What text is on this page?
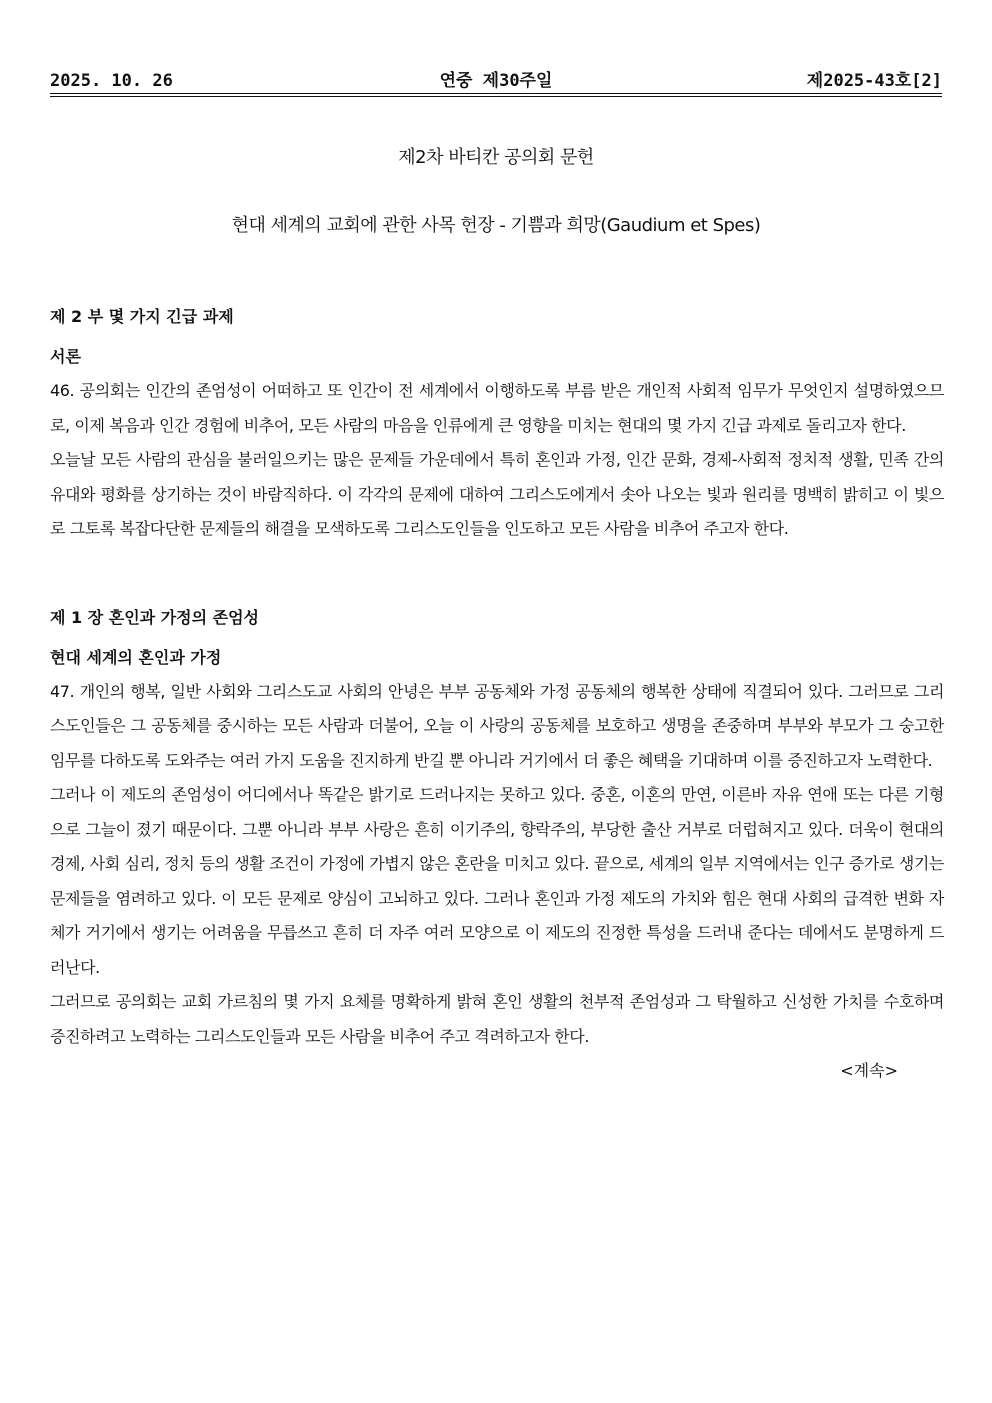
2025. 10. 26	연중 제30주일	제2025-43호[2]
제2차 바티칸 공의회 문헌
현대 세계의 교회에 관한 사목 헌장 - 기쁨과 희망(Gaudium et Spes)
제 2 부 몇 가지 긴급 과제
서론

46. 공의회는 인간의 존엄성이 어떠하고 또 인간이 전 세계에서 이행하도록 부름 받은 개인적 사회적 임무가 무엇인지 설명하였으므로, 이제 복음과 인간 경험에 비추어, 모든 사람의 마음을 인류에게 큰 영향을 미치는 현대의 몇 가지 긴급 과제로 돌리고자 한다.

오늘날 모든 사람의 관심을 불러일으키는 많은 문제들 가운데에서 특히 혼인과 가정, 인간 문화, 경제-사회적 정치적 생활, 민족 간의 유대와 평화를 상기하는 것이 바람직하다. 이 각각의 문제에 대하여 그리스도에게서 솟아 나오는 빛과 원리를 명백히 밝히고 이 빛으로 그토록 복잡다단한 문제들의 해결을 모색하도록 그리스도인들을 인도하고 모든 사람을 비추어 주고자 한다.

제 1 장 혼인과 가정의 존엄성
현대 세계의 혼인과 가정

47. 개인의 행복, 일반 사회와 그리스도교 사회의 안녕은 부부 공동체와 가정 공동체의 행복한 상태에 직결되어 있다. 그러므로 그리스도인들은 그 공동체를 중시하는 모든 사람과 더불어, 오늘 이 사랑의 공동체를 보호하고 생명을 존중하며 부부와 부모가 그 숭고한 임무를 다하도록 도와주는 여러 가지 도움을 진지하게 반길 뿐 아니라 거기에서 더 좋은 혜택을 기대하며 이를 증진하고자 노력한다.

그러나 이 제도의 존엄성이 어디에서나 똑같은 밝기로 드러나지는 못하고 있다. 중혼, 이혼의 만연, 이른바 자유 연애 또는 다른 기형으로 그늘이 졌기 때문이다. 그뿐 아니라 부부 사랑은 흔히 이기주의, 향락주의, 부당한 출산 거부로 더럽혀지고 있다. 더욱이 현대의 경제, 사회 심리, 정치 등의 생활 조건이 가정에 가볍지 않은 혼란을 미치고 있다. 끝으로, 세계의 일부 지역에서는 인구 증가로 생기는 문제들을 염려하고 있다. 이 모든 문제로 양심이 고뇌하고 있다. 그러나 혼인과 가정 제도의 가치와 힘은 현대 사회의 급격한 변화 자체가 거기에서 생기는 어려움을 무릅쓰고 흔히 더 자주 여러 모양으로 이 제도의 진정한 특성을 드러내 준다는 데에서도 분명하게 드러난다.

그러므로 공의회는 교회 가르침의 몇 가지 요체를 명확하게 밝혀 혼인 생활의 천부적 존엄성과 그 탁월하고 신성한 가치를 수호하며 증진하려고 노력하는 그리스도인들과 모든 사람을 비추어 주고 격려하고자 한다.

<계속>
